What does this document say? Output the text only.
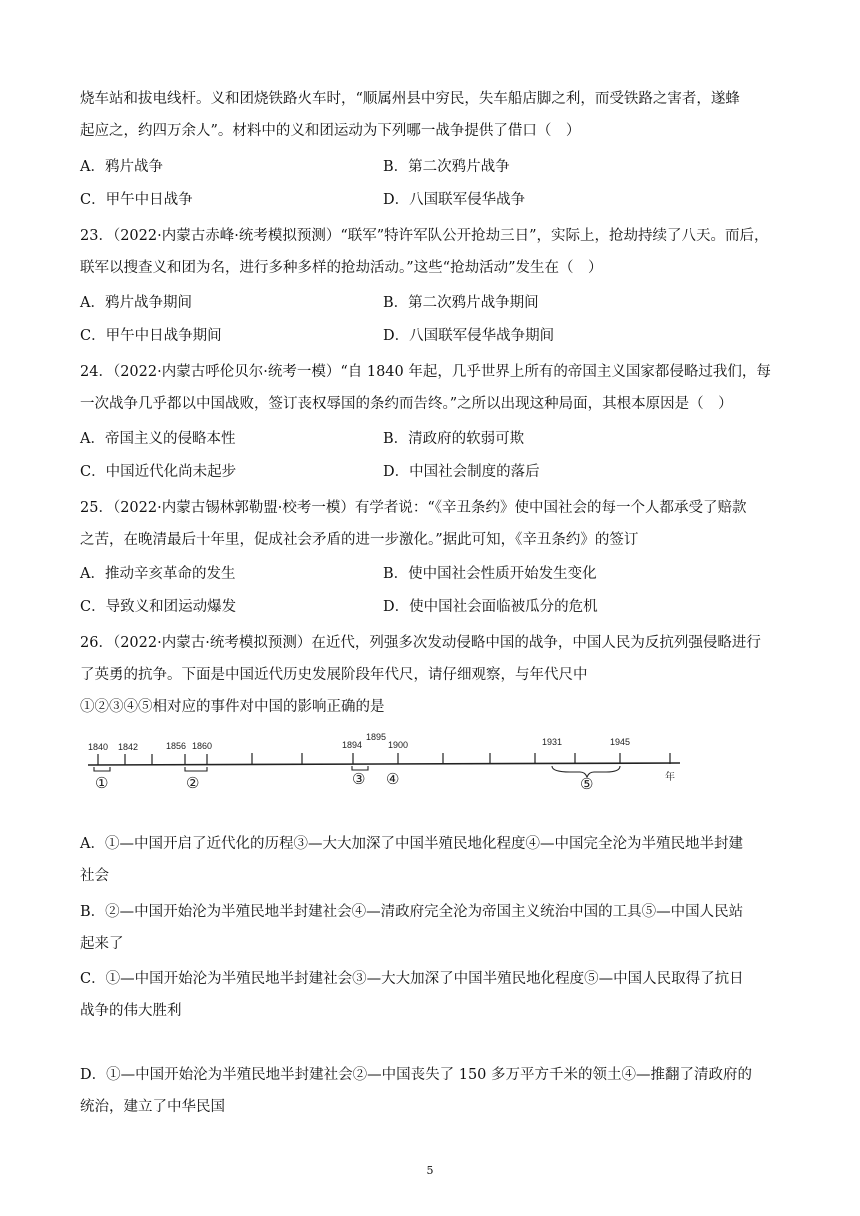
烧车站和拔电线杆。义和团烧铁路火车时，“顺属州县中穷民，失车船店脚之利，而受铁路之害者，遂蜂
起应之，约四万余人”。材料中的义和团运动为下列哪一战争提供了借口（　）
A．鸦片战争	B．第二次鸦片战争
C．甲午中日战争	D．八国联军侵华战争
23．（2022·内蒙古赤峰·统考模拟预测）“联军”特许军队公开抢劫三日”，实际上，抢劫持续了八天。而后，
联军以搜查义和团为名，进行多种多样的抢劫活动。”这些“抢劫活动”发生在（　）
A．鸦片战争期间	B．第二次鸦片战争期间
C．甲午中日战争期间	D．八国联军侵华战争期间
24．（2022·内蒙古呼伦贝尔·统考一模）“自 1840 年起，几乎世界上所有的帝国主义国家都侵略过我们，每
一次战争几乎都以中国战败，签订丧权辱国的条约而告终。”之所以出现这种局面，其根本原因是（　）
A．帝国主义的侵略本性	B．清政府的软弱可欺
C．中国近代化尚未起步	D．中国社会制度的落后
25．（2022·内蒙古锡林郭勒盟·校考一模）有学者说：“《辛丑条约》使中国社会的每一个人都承受了赔款
之苦，在晚清最后十年里，促成社会矛盾的进一步激化。”据此可知，《辛丑条约》的签订
A．推动辛亥革命的发生	B．使中国社会性质开始发生变化
C．导致义和团运动爆发	D．使中国社会面临被瓜分的危机
26．（2022·内蒙古·统考模拟预测）在近代，列强多次发动侵略中国的战争，中国人民为反抗列强侵略进行
了英勇的抗争。下面是中国近代历史发展阶段年代尺，请仔细观察，与年代尺中
①②③④⑤相对应的事件对中国的影响正确的是
1840 1842	1856 1860	1894
1895
1900	1931	1945
①	②	③ ④	⑤	年
A．①—中国开启了近代化的历程③—大大加深了中国半殖民地化程度④—中国完全沦为半殖民地半封建
社会
B．②—中国开始沦为半殖民地半封建社会④—清政府完全沦为帝国主义统治中国的工具⑤—中国人民站
起来了
C．①—中国开始沦为半殖民地半封建社会③—大大加深了中国半殖民地化程度⑤—中国人民取得了抗日
战争的伟大胜利
D．①—中国开始沦为半殖民地半封建社会②—中国丧失了 150 多万平方千米的领土④—推翻了清政府的
统治，建立了中华民国
5
